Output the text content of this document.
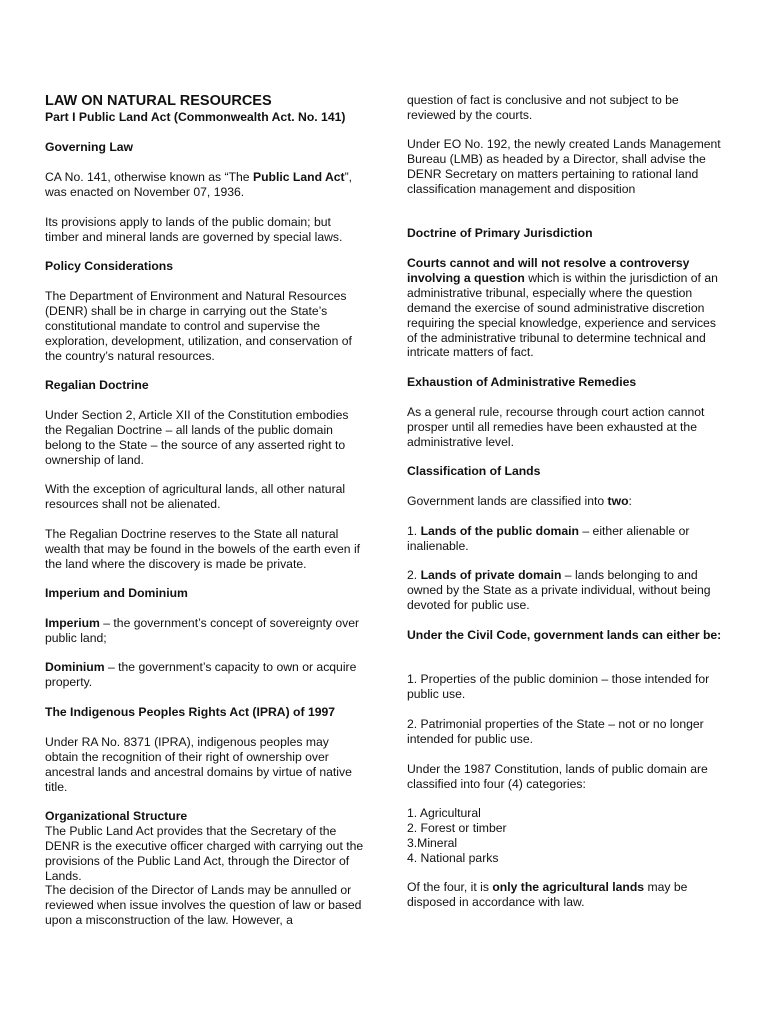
LAW ON NATURAL RESOURCES

Part I Public Land Act (Commonwealth Act. No. 141)

Governing Law

CA No. 141, otherwise known as “The Public Land Act”, was enacted on November 07, 1936.

Its provisions apply to lands of the public domain; but timber and mineral lands are governed by special laws.

Policy Considerations

The Department of Environment and Natural Resources (DENR) shall be in charge in carrying out the State’s constitutional mandate to control and supervise the exploration, development, utilization, and conservation of the country’s natural resources.

Regalian Doctrine

Under Section 2, Article XII of the Constitution embodies the Regalian Doctrine – all lands of the public domain belong to the State – the source of any asserted right to ownership of land.

With the exception of agricultural lands, all other natural resources shall not be alienated.

The Regalian Doctrine reserves to the State all natural wealth that may be found in the bowels of the earth even if the land where the discovery is made be private.

Imperium and Dominium

Imperium – the government’s concept of sovereignty over public land;

Dominium – the government’s capacity to own or acquire property.

The Indigenous Peoples Rights Act (IPRA) of 1997

Under RA No. 8371 (IPRA), indigenous peoples may obtain the recognition of their right of ownership over ancestral lands and ancestral domains by virtue of native title.

Organizational Structure

The Public Land Act provides that the Secretary of the DENR is the executive officer charged with carrying out the provisions of the Public Land Act, through the Director of Lands.

The decision of the Director of Lands may be annulled or reviewed when issue involves the question of law or based upon a misconstruction of the law. However, a

question of fact is conclusive and not subject to be reviewed by the courts.

Under EO No. 192, the newly created Lands Management Bureau (LMB) as headed by a Director, shall advise the DENR Secretary on matters pertaining to rational land classification management and disposition

Doctrine of Primary Jurisdiction

Courts cannot and will not resolve a controversy involving a question which is within the jurisdiction of an administrative tribunal, especially where the question demand the exercise of sound administrative discretion requiring the special knowledge, experience and services of the administrative tribunal to determine technical and intricate matters of fact.

Exhaustion of Administrative Remedies

As a general rule, recourse through court action cannot prosper until all remedies have been exhausted at the administrative level.

Classification of Lands

Government lands are classified into two:

1. Lands of the public domain – either alienable or inalienable.

2. Lands of private domain – lands belonging to and owned by the State as a private individual, without being devoted for public use.

Under the Civil Code, government lands can either be:

1. Properties of the public dominion – those intended for public use.

2. Patrimonial properties of the State – not or no longer intended for public use.

Under the 1987 Constitution, lands of public domain are classified into four (4) categories:

1. Agricultural

2. Forest or timber

3.Mineral

4. National parks

Of the four, it is only the agricultural lands may be disposed in accordance with law.
